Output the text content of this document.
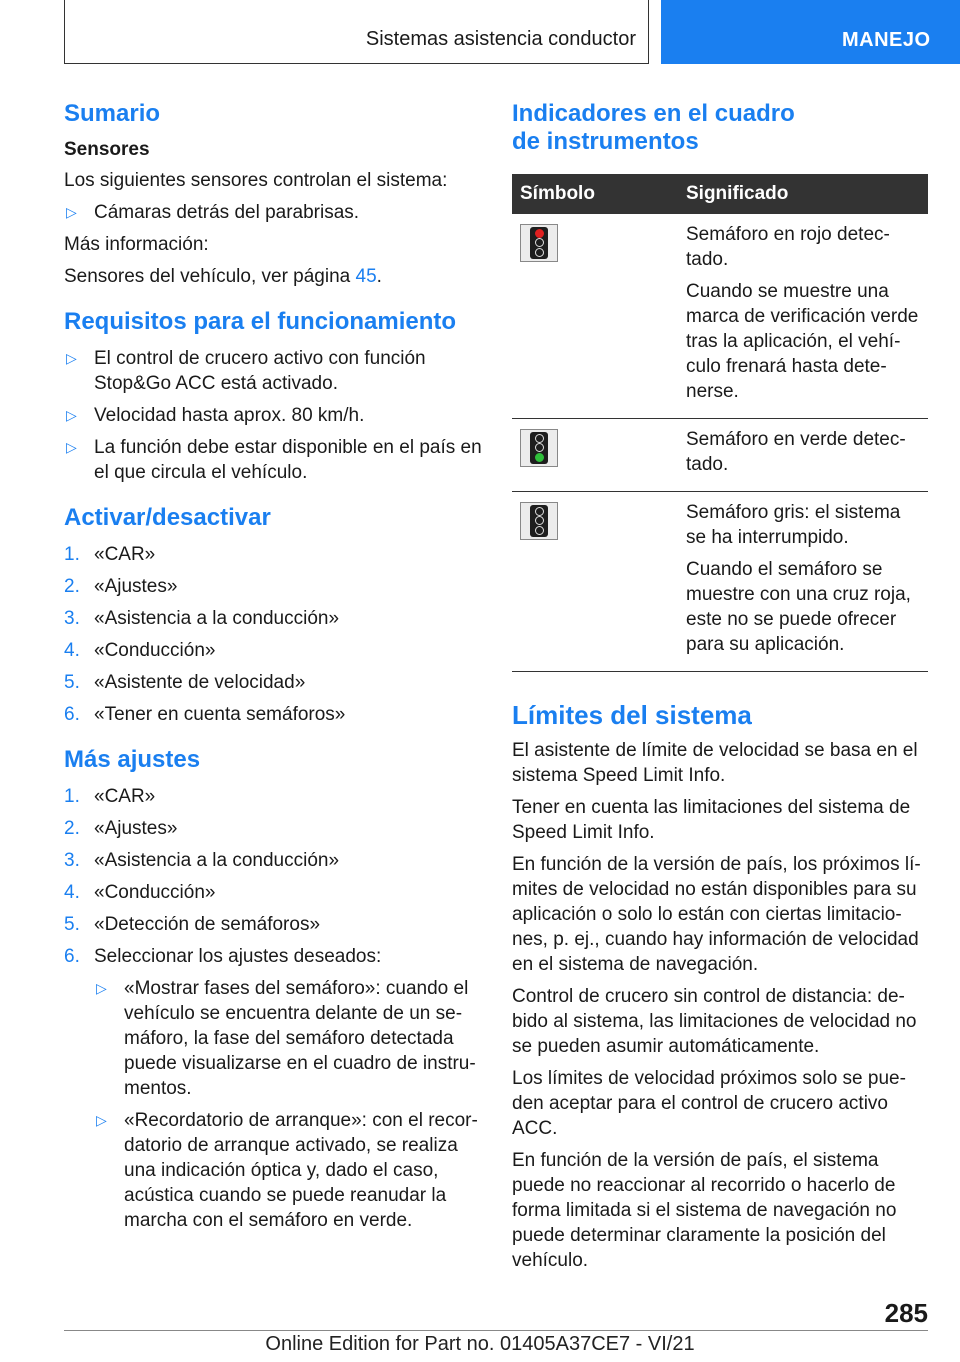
Sistemas asistencia conductor	MANEJO
Sumario
Sensores

Los siguientes sensores controlan el sistema:

▷ Cámaras detrás del parabrisas.

Más información:

Sensores del vehículo, ver página 45.

Requisitos para el funcionamiento
▷ El control de crucero activo con función Stop&Go ACC está activado.
▷ Velocidad hasta aprox. 80 km/h.
▷ La función debe estar disponible en el país en el que circula el vehículo.
Activar/desactivar
1. «CAR»
2. «Ajustes»
3. «Asistencia a la conducción»
4. «Conducción»
5. «Asistente de velocidad»
6. «Tener en cuenta semáforos»
Más ajustes
1. «CAR»
2. «Ajustes»
3. «Asistencia a la conducción»
4. «Conducción»
5. «Detección de semáforos»
6. Seleccionar los ajustes deseados:
▷ «Mostrar fases del semáforo»: cuando el vehículo se encuentra delante de un semáforo, la fase del semáforo detectada puede visualizarse en el cuadro de instrumentos.
▷ «Recordatorio de arranque»: con el recordatorio de arranque activado, se realiza una indicación óptica y, dado el caso, acústica cuando se puede reanudar la marcha con el semáforo en verde.
Indicadores en el cuadro
de instrumentos
Símbolo	Significado

	Semáforo en rojo detectado.

Cuando se muestre una marca de verificación verde tras la aplicación, el vehículo frenará hasta detenerse.

	Semáforo en verde detectado.

	Semáforo gris: el sistema se ha interrumpido.

Cuando el semáforo se muestre con una cruz roja, este no se puede ofrecer para su aplicación.

Límites del sistema

El asistente de límite de velocidad se basa en el sistema Speed Limit Info.

Tener en cuenta las limitaciones del sistema de Speed Limit Info.

En función de la versión de país, los próximos límites de velocidad no están disponibles para su aplicación o solo lo están con ciertas limitaciones, p. ej., cuando hay información de velocidad en el sistema de navegación.

Control de crucero sin control de distancia: debido al sistema, las limitaciones de velocidad no se pueden asumir automáticamente.

Los límites de velocidad próximos solo se pueden aceptar para el control de crucero activo ACC.

En función de la versión de país, el sistema puede no reaccionar al recorrido o hacerlo de forma limitada si el sistema de navegación no puede determinar claramente la posición del vehículo.

285
Online Edition for Part no. 01405A37CE7 - VI/21
